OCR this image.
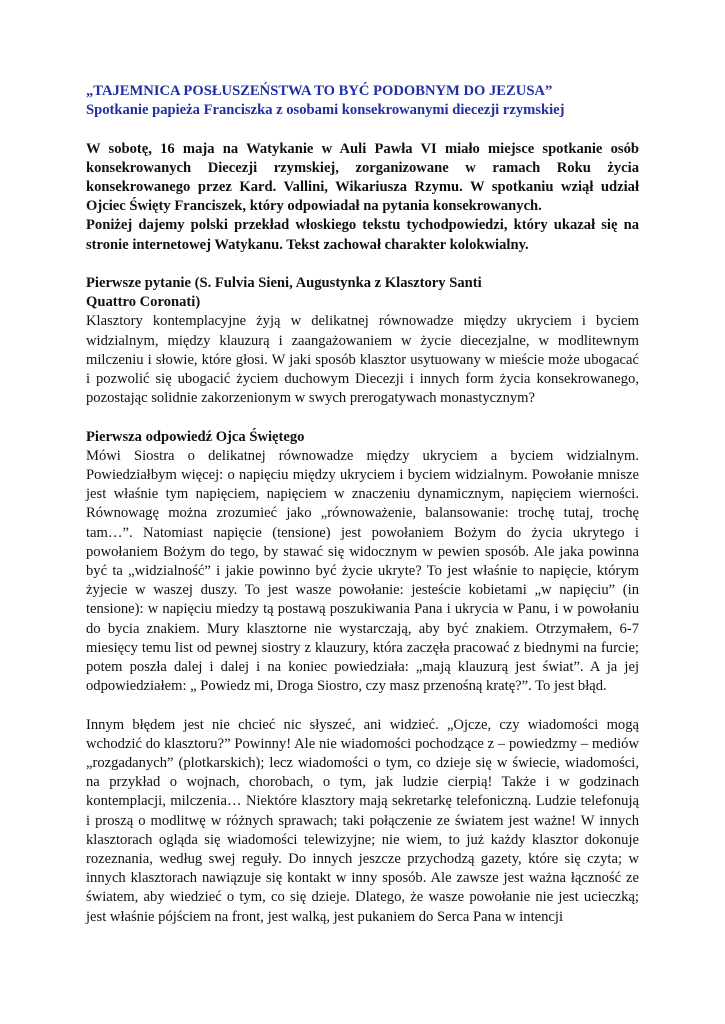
„TAJEMNICA POSŁUSZEŃSTWA TO BYĆ PODOBNYM DO JEZUSA”

Spotkanie papieża Franciszka z osobami konsekrowanymi diecezji rzymskiej

W sobotę, 16 maja na Watykanie w Auli Pawła VI miało miejsce spotkanie osób konsekrowanych Diecezji rzymskiej, zorganizowane w ramach Roku życia konsekrowanego przez Kard. Vallini, Wikariusza Rzymu. W spotkaniu wziął udział Ojciec Święty Franciszek, który odpowiadał na pytania konsekrowanych.

Poniżej dajemy polski przekład włoskiego tekstu tychodpowiedzi, który ukazał się na stronie internetowej Watykanu. Tekst zachował charakter kolokwialny.

Pierwsze pytanie (S. Fulvia Sieni, Augustynka z Klasztory Santi
Quattro Coronati)

Klasztory kontemplacyjne żyją w delikatnej równowadze między ukryciem i byciem widzialnym, między klauzurą i zaangażowaniem w życie diecezjalne, w modlitewnym milczeniu i słowie, które głosi. W jaki sposób klasztor usytuowany w mieście może ubogacać i pozwolić się ubogacić życiem duchowym Diecezji i innych form życia konsekrowanego, pozostając solidnie zakorzenionym w swych prerogatywach monastycznym?

Pierwsza odpowiedź Ojca Świętego

Mówi Siostra o delikatnej równowadze między ukryciem a byciem widzialnym. Powiedziałbym więcej: o napięciu między ukryciem i byciem widzialnym. Powołanie mnisze jest właśnie tym napięciem, napięciem w znaczeniu dynamicznym, napięciem wierności. Równowagę można zrozumieć jako „równoważenie, balansowanie: trochę tutaj, trochę tam…”. Natomiast napięcie (tensione) jest powołaniem Bożym do życia ukrytego i powołaniem Bożym do tego, by stawać się widocznym w pewien sposób. Ale jaka powinna być ta „widzialność” i jakie powinno być życie ukryte? To jest właśnie to napięcie, którym żyjecie w waszej duszy. To jest wasze powołanie: jesteście kobietami „w napięciu” (in tensione): w napięciu miedzy tą postawą poszukiwania Pana i ukrycia w Panu, i w powołaniu do bycia znakiem. Mury klasztorne nie wystarczają, aby być znakiem. Otrzymałem, 6-7 miesięcy temu list od pewnej siostry z klauzury, która zaczęła pracować z biednymi na furcie; potem poszła dalej i dalej i na koniec powiedziała: „mają klauzurą jest świat”. A ja jej odpowiedziałem: „ Powiedz mi, Droga Siostro, czy masz przenośną kratę?”. To jest błąd.

Innym błędem jest nie chcieć nic słyszeć, ani widzieć. „Ojcze, czy wiadomości mogą wchodzić do klasztoru?” Powinny! Ale nie wiadomości pochodzące z – powiedzmy – mediów „rozgadanych” (plotkarskich); lecz wiadomości o tym, co dzieje się w świecie, wiadomości, na przykład o wojnach, chorobach, o tym, jak ludzie cierpią! Także i w godzinach kontemplacji, milczenia… Niektóre klasztory mają sekretarkę telefoniczną. Ludzie telefonują i proszą o modlitwę w różnych sprawach; taki połączenie ze światem jest ważne! W innych klasztorach ogląda się wiadomości telewizyjne; nie wiem, to już każdy klasztor dokonuje rozeznania, według swej reguły. Do innych jeszcze przychodzą gazety, które się czyta; w innych klasztorach nawiązuje się kontakt w inny sposób. Ale zawsze jest ważna łączność ze światem, aby wiedzieć o tym, co się dzieje. Dlatego, że wasze powołanie nie jest ucieczką; jest właśnie pójściem na front, jest walką, jest pukaniem do Serca Pana w intencji
